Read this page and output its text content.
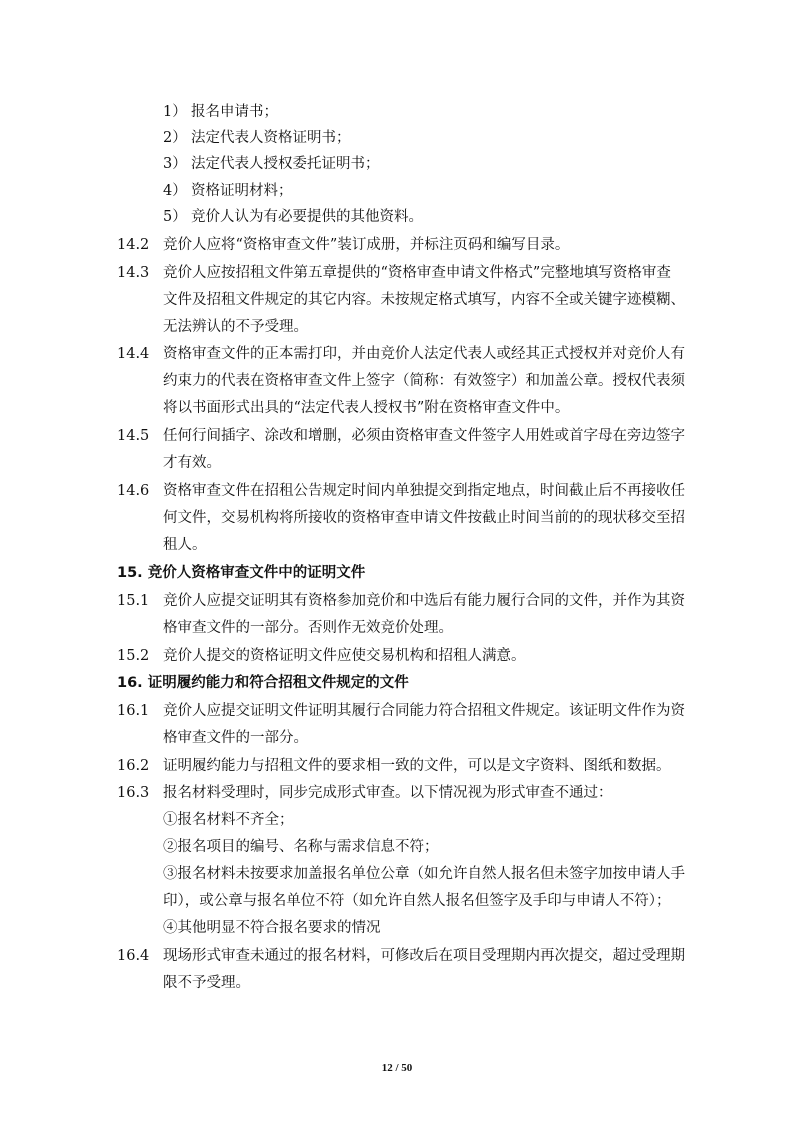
1） 报名申请书；
2） 法定代表人资格证明书；
3） 法定代表人授权委托证明书；
4） 资格证明材料；
5） 竞价人认为有必要提供的其他资料。
14.2 竞价人应将“资格审查文件”装订成册，并标注页码和编写目录。
14.3 竞价人应按招租文件第五章提供的“资格审查申请文件格式”完整地填写资格审查
文件及招租文件规定的其它内容。未按规定格式填写，内容不全或关键字迹模糊、
无法辨认的不予受理。
14.4 资格审查文件的正本需打印，并由竞价人法定代表人或经其正式授权并对竞价人有
约束力的代表在资格审查文件上签字（简称：有效签字）和加盖公章。授权代表须
将以书面形式出具的“法定代表人授权书”附在资格审查文件中。
14.5 任何行间插字、涂改和增删，必须由资格审查文件签字人用姓或首字母在旁边签字
才有效。
14.6 资格审查文件在招租公告规定时间内单独提交到指定地点，时间截止后不再接收任
何文件，交易机构将所接收的资格审查申请文件按截止时间当前的的现状移交至招
租人。
15. 竞价人资格审查文件中的证明文件
15.1 竞价人应提交证明其有资格参加竞价和中选后有能力履行合同的文件，并作为其资
格审查文件的一部分。否则作无效竞价处理。
15.2 竞价人提交的资格证明文件应使交易机构和招租人满意。
16. 证明履约能力和符合招租文件规定的文件
16.1 竞价人应提交证明文件证明其履行合同能力符合招租文件规定。该证明文件作为资
格审查文件的一部分。
16.2 证明履约能力与招租文件的要求相一致的文件，可以是文字资料、图纸和数据。
16.3 报名材料受理时，同步完成形式审查。以下情况视为形式审查不通过：
①报名材料不齐全；
②报名项目的编号、名称与需求信息不符；
③报名材料未按要求加盖报名单位公章（如允许自然人报名但未签字加按申请人手
印），或公章与报名单位不符（如允许自然人报名但签字及手印与申请人不符）；
④其他明显不符合报名要求的情况
16.4 现场形式审查未通过的报名材料，可修改后在项目受理期内再次提交，超过受理期
限不予受理。
12 / 50
